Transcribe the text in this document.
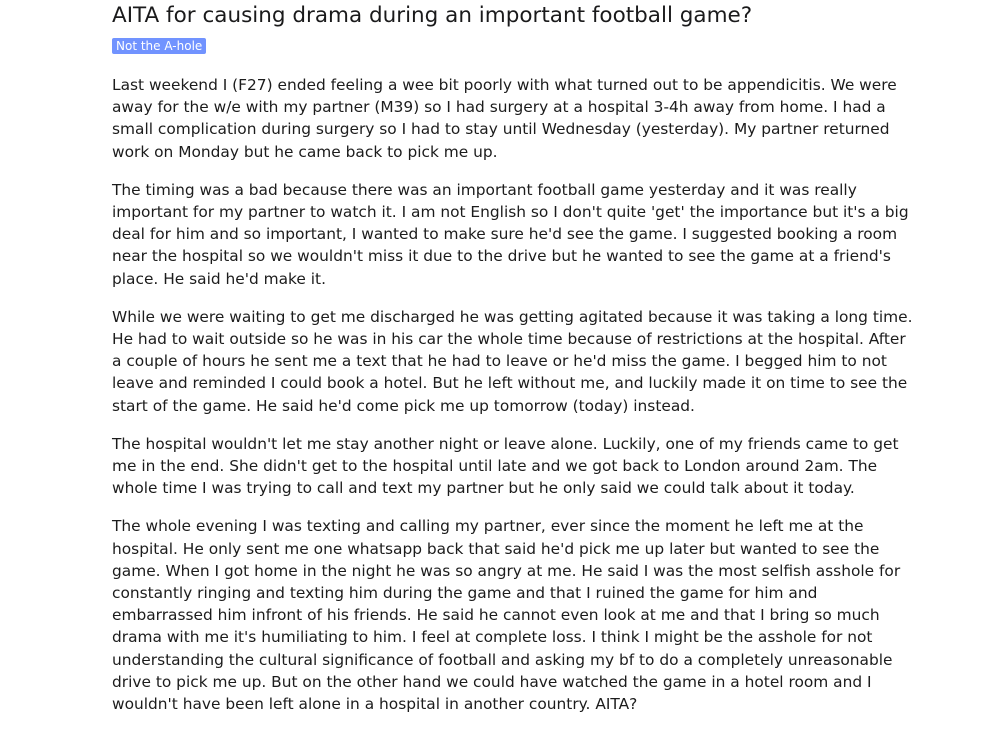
AITA for causing drama during an important football game?
Not the A-hole

Last weekend I (F27) ended feeling a wee bit poorly with what turned out to be appendicitis. We were
away for the w/e with my partner (M39) so I had surgery at a hospital 3-4h away from home. I had a
small complication during surgery so I had to stay until Wednesday (yesterday). My partner returned
work on Monday but he came back to pick me up.

The timing was a bad because there was an important football game yesterday and it was really
important for my partner to watch it. I am not English so I don't quite 'get' the importance but it's a big
deal for him and so important, I wanted to make sure he'd see the game. I suggested booking a room
near the hospital so we wouldn't miss it due to the drive but he wanted to see the game at a friend's
place. He said he'd make it.

While we were waiting to get me discharged he was getting agitated because it was taking a long time.
He had to wait outside so he was in his car the whole time because of restrictions at the hospital. After
a couple of hours he sent me a text that he had to leave or he'd miss the game. I begged him to not
leave and reminded I could book a hotel. But he left without me, and luckily made it on time to see the
start of the game. He said he'd come pick me up tomorrow (today) instead.

The hospital wouldn't let me stay another night or leave alone. Luckily, one of my friends came to get
me in the end. She didn't get to the hospital until late and we got back to London around 2am. The
whole time I was trying to call and text my partner but he only said we could talk about it today.

The whole evening I was texting and calling my partner, ever since the moment he left me at the
hospital. He only sent me one whatsapp back that said he'd pick me up later but wanted to see the
game. When I got home in the night he was so angry at me. He said I was the most selfish asshole for
constantly ringing and texting him during the game and that I ruined the game for him and
embarrassed him infront of his friends. He said he cannot even look at me and that I bring so much
drama with me it's humiliating to him. I feel at complete loss. I think I might be the asshole for not
understanding the cultural significance of football and asking my bf to do a completely unreasonable
drive to pick me up. But on the other hand we could have watched the game in a hotel room and I
wouldn't have been left alone in a hospital in another country. AITA?
